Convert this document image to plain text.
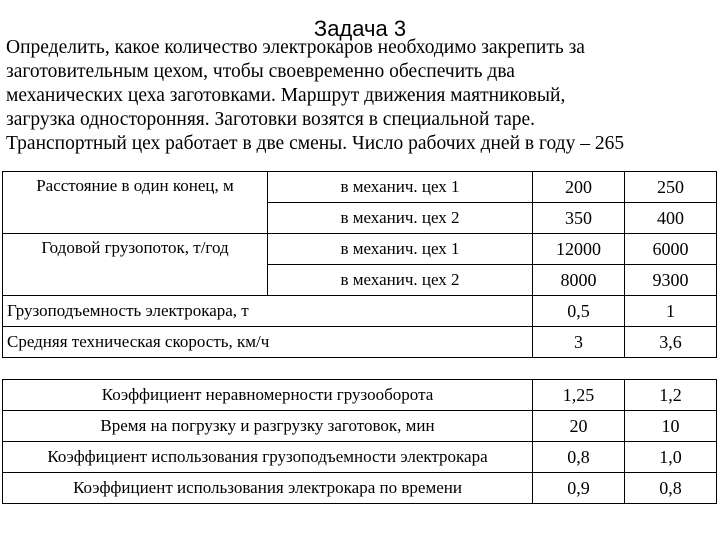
Задача 3
Определить, какое количество электрокаров необходимо закрепить за
заготовительным цехом, чтобы своевременно обеспечить два
механических цеха заготовками. Маршрут движения маятниковый,
загрузка односторонняя. Заготовки возятся в специальной таре.
Транспортный цех работает в две смены. Число рабочих дней в году – 265
Расстояние в один конец, м	в механич. цех 1	200	250
	в механич. цех 2	350	400
Годовой грузопоток, т/год	в механич. цех 1	12000	6000
	в механич. цех 2	8000	9300
Грузоподъемность электрокара, т		0,5	1
Средняя техническая скорость, км/ч		3	3,6
Коэффициент неравномерности грузооборота	1,25	1,2
Время на погрузку и разгрузку заготовок, мин	20	10
Коэффициент использования грузоподъемности электрокара	0,8	1,0
Коэффициент использования электрокара по времени	0,9	0,8
